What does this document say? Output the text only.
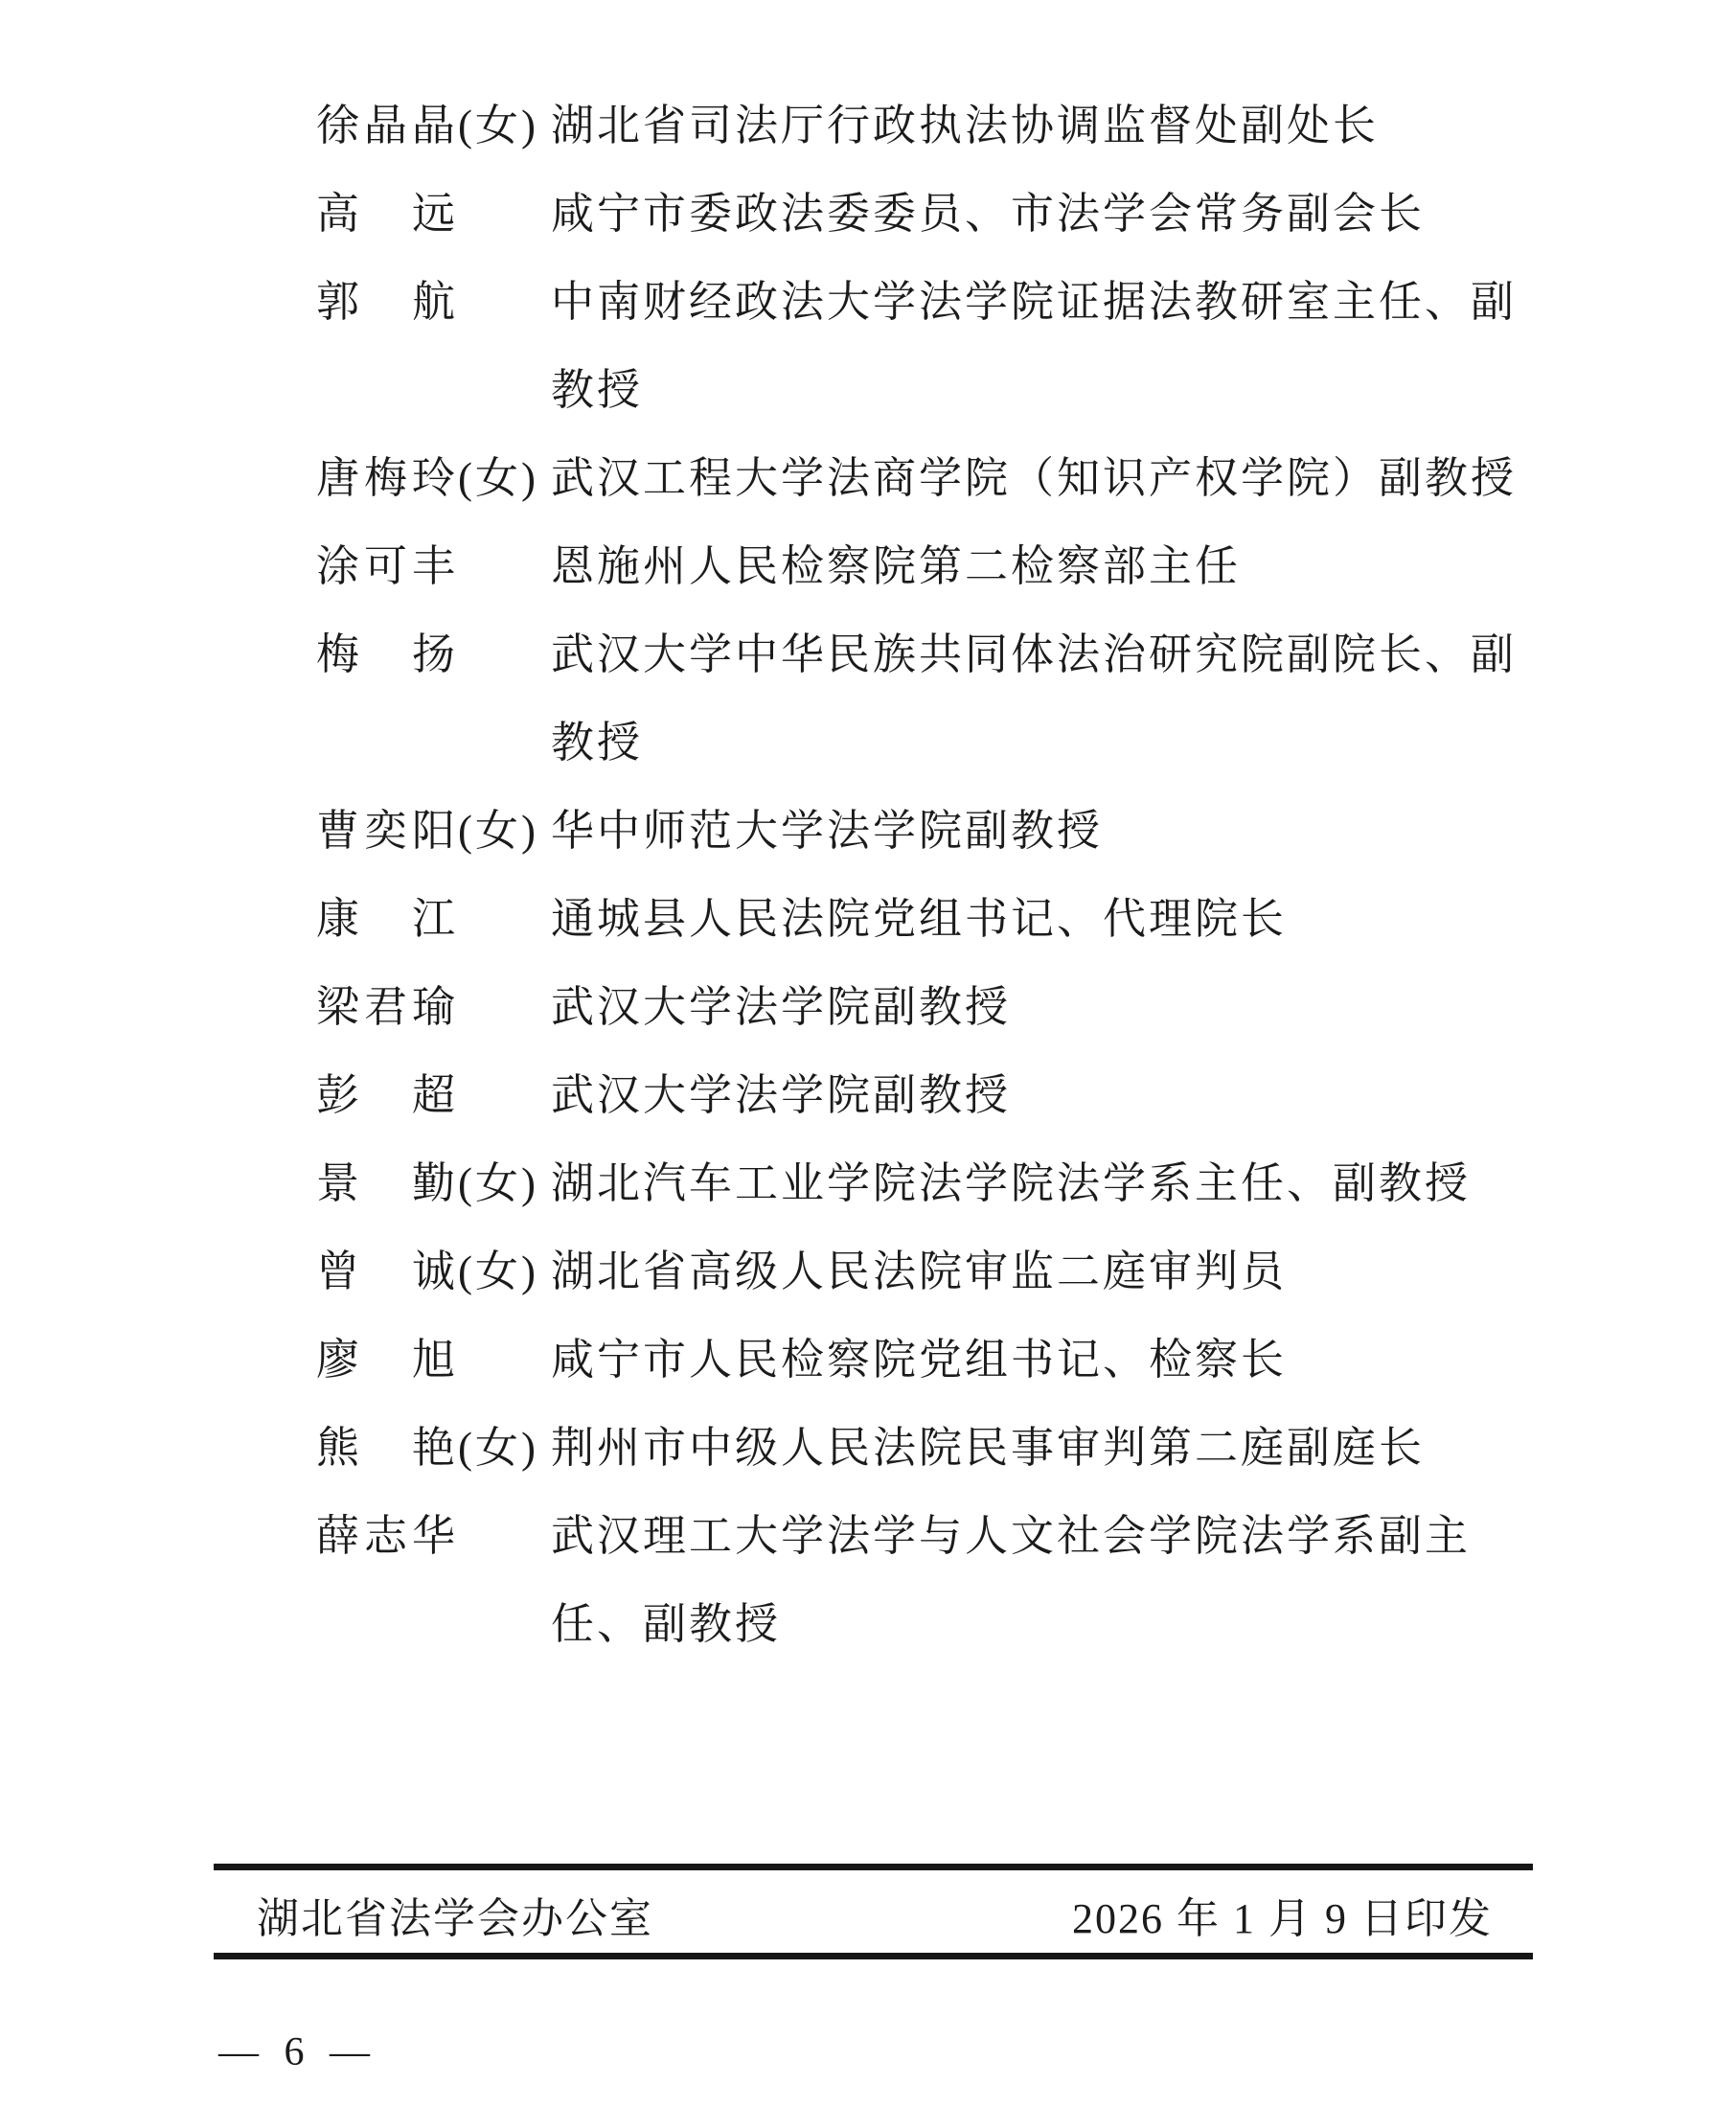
徐晶晶 (女) 湖北省司法厅行政执法协调监督处副处长
高远 咸宁市委政法委委员、市法学会常务副会长
郭航 中南财经政法大学法学院证据法教研室主任、副
教授
唐梅玲 (女) 武汉工程大学法商学院（知识产权学院）副教授
涂可丰 恩施州人民检察院第二检察部主任
梅扬 武汉大学中华民族共同体法治研究院副院长、副
教授
曹奕阳 (女) 华中师范大学法学院副教授
康江 通城县人民法院党组书记、代理院长
梁君瑜 武汉大学法学院副教授
彭超 武汉大学法学院副教授
景勤 (女) 湖北汽车工业学院法学院法学系主任、副教授
曾诚 (女) 湖北省高级人民法院审监二庭审判员
廖旭 咸宁市人民检察院党组书记、检察长
熊艳 (女) 荆州市中级人民法院民事审判第二庭副庭长
薛志华 武汉理工大学法学与人文社会学院法学系副主
任、副教授
湖北省法学会办公室	2026 年 1 月 9 日印发
— 6 —
